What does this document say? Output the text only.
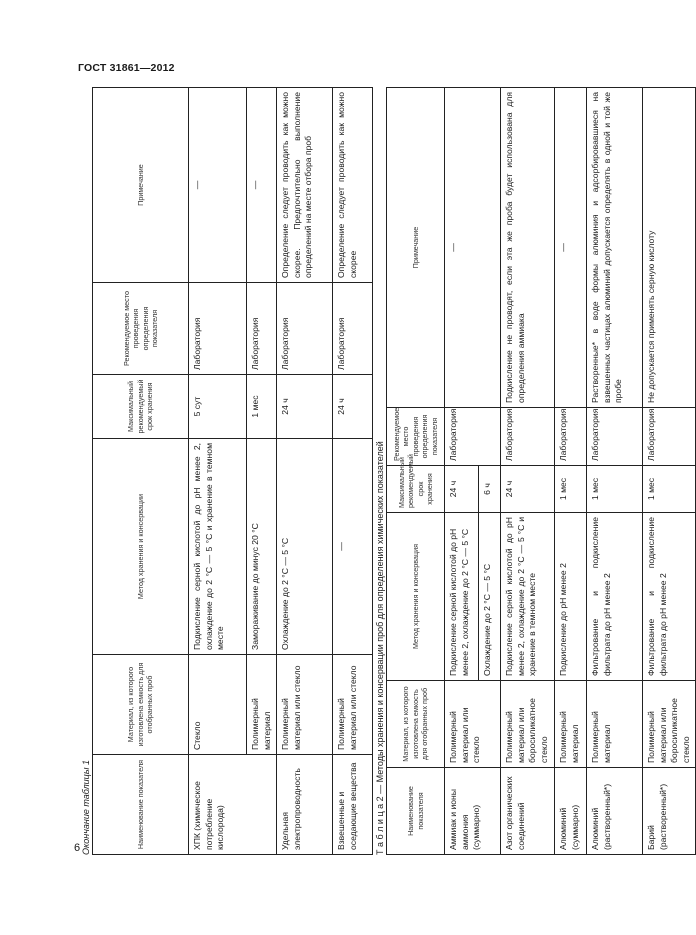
ГОСТ 31861—2012
6 Окончание таблицы 1	Наименование показателя	Материал, из которого изготовлена емкость для отобранных проб	Метод хранения и консервации	Максимальный рекомендуемый срок хранения	Рекомендуемое место проведения определения показателя	Примечание
ХПК (химическое потребление кислорода)	Стекло	Подкисление серной кислотой до pH менее 2, охлаждение до 2 °C — 5 °C и хранение в темном месте	5 сут	Лаборатория	—
	Полимерный материал	Замораживание до минус 20 °C	1 мес	Лаборатория	—
Удельная электропроводность	Полимерный материал или стекло	Охлаждение до 2 °C — 5 °C	24 ч	Лаборатория	Определение следует проводить как можно скорее. Предпочтительно выполнение определений на месте отбора проб
Взвешенные и оседающие вещества	Полимерный материал или стекло	—	24 ч	Лаборатория	Определение следует проводить как можно скорее
Т а б л и ц а 2 — Методы хранения и консервации проб для определения химических показателей	Наименование показателя	Материал, из которого изготовлена емкость для отобранных проб	Метод хранения и консервация	Максимальный рекомендуемый срок хранения	Рекомендуемое место проведения определения показателя	Примечание
Аммиак и ионы аммония (суммарно)	Полимерный материал или стекло	Подкисление серной кислотой до pH менее 2, охлаждение до 2 °C — 5 °C	24 ч	Лаборатория	—
		Охлаждение до 2 °C — 5 °C	6 ч		
Азот органических соединений	Полимерный материал или боросиликатное стекло	Подкисление серной кислотой до pH менее 2, охлаждение до 2 °C — 5 °C и хранение в темном месте	24 ч	Лаборатория	Подкисление не проводят, если эта же проба будет использована для определения аммиака
Алюминий (суммарно)	Полимерный материал	Подкисление до pH менее 2	1 мес	Лаборатория	—
Алюминий (растворенный*)	Полимерный материал	Фильтрование и подкисление фильтрата до pH менее 2	1 мес	Лаборатория	Растворенные* в воде формы алюминия и адсорбировавшиеся на взвешенных частицах алюминий допускается определять в одной и той же пробе
Барий (растворенный*)	Полимерный материал или боросиликатное стекло	Фильтрование и подкисление фильтрата до pH менее 2	1 мес	Лаборатория	Не допускается применять серную кислоту
